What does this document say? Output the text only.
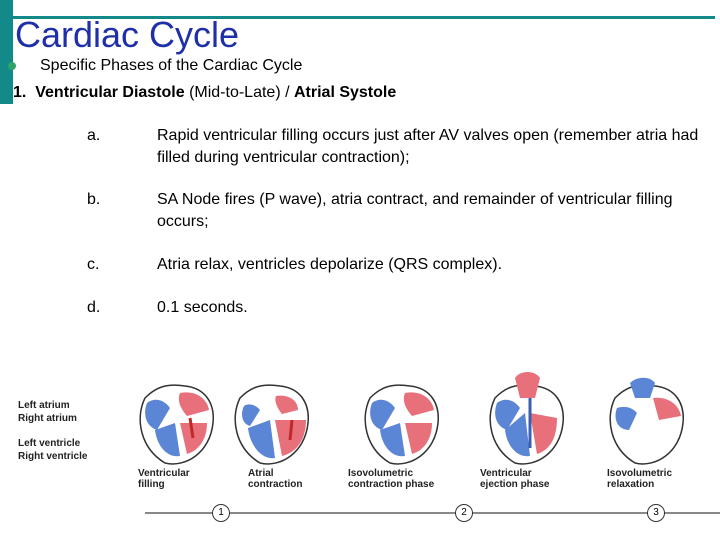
Cardiac Cycle
Specific Phases of the Cardiac Cycle
1. Ventricular Diastole (Mid-to-Late) / Atrial Systole
a.	Rapid ventricular filling occurs just after AV valves open (remember atria had filled during ventricular contraction);
b.	SA Node fires (P wave), atria contract, and remainder of ventricular filling occurs;
c.	Atria relax, ventricles depolarize (QRS complex).
d.	0.1 seconds.
Left atrium
Right atrium
Left ventricle
Right ventricle
Ventricular
filling
Atrial
contraction
Isovolumetric
contraction phase
Ventricular
ejection phase
Isovolumetric
relaxation
1	2	3
